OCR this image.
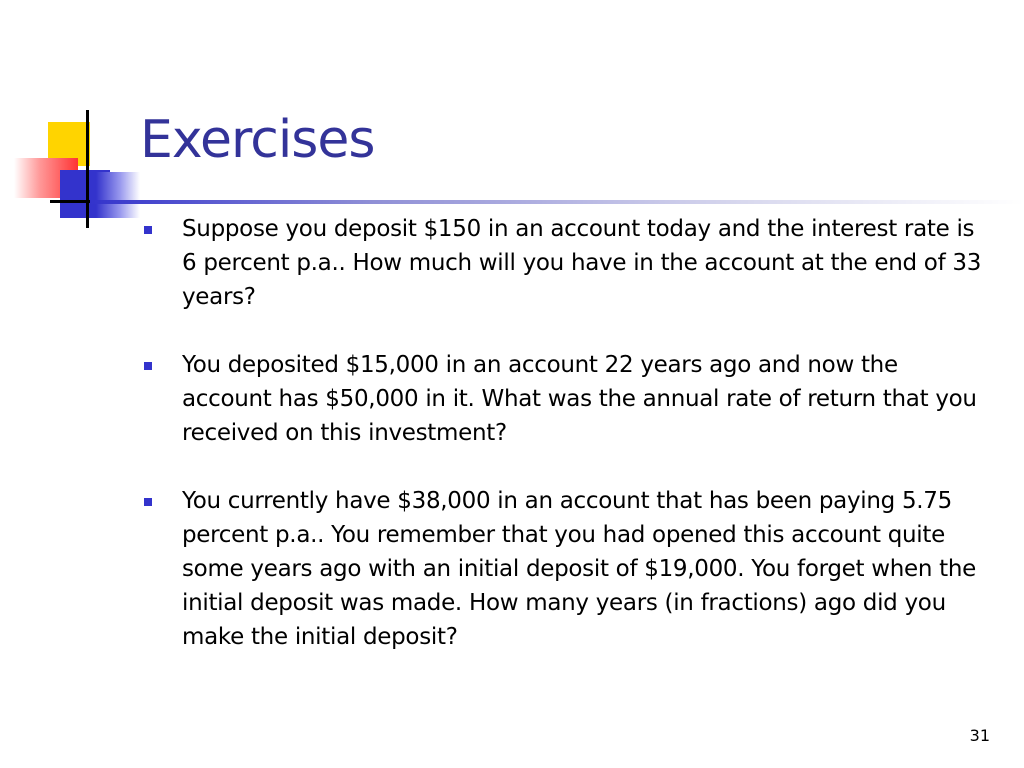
Exercises
Suppose you deposit $150 in an account today and the interest rate is 6 percent p.a.. How much will you have in the account at the end of 33 years?
You deposited $15,000 in an account 22 years ago and now the account has $50,000 in it. What was the annual rate of return that you received on this investment?
You currently have $38,000 in an account that has been paying 5.75 percent p.a.. You remember that you had opened this account quite some years ago with an initial deposit of $19,000. You forget when the initial deposit was made. How many years (in fractions) ago did you make the initial deposit?
31
